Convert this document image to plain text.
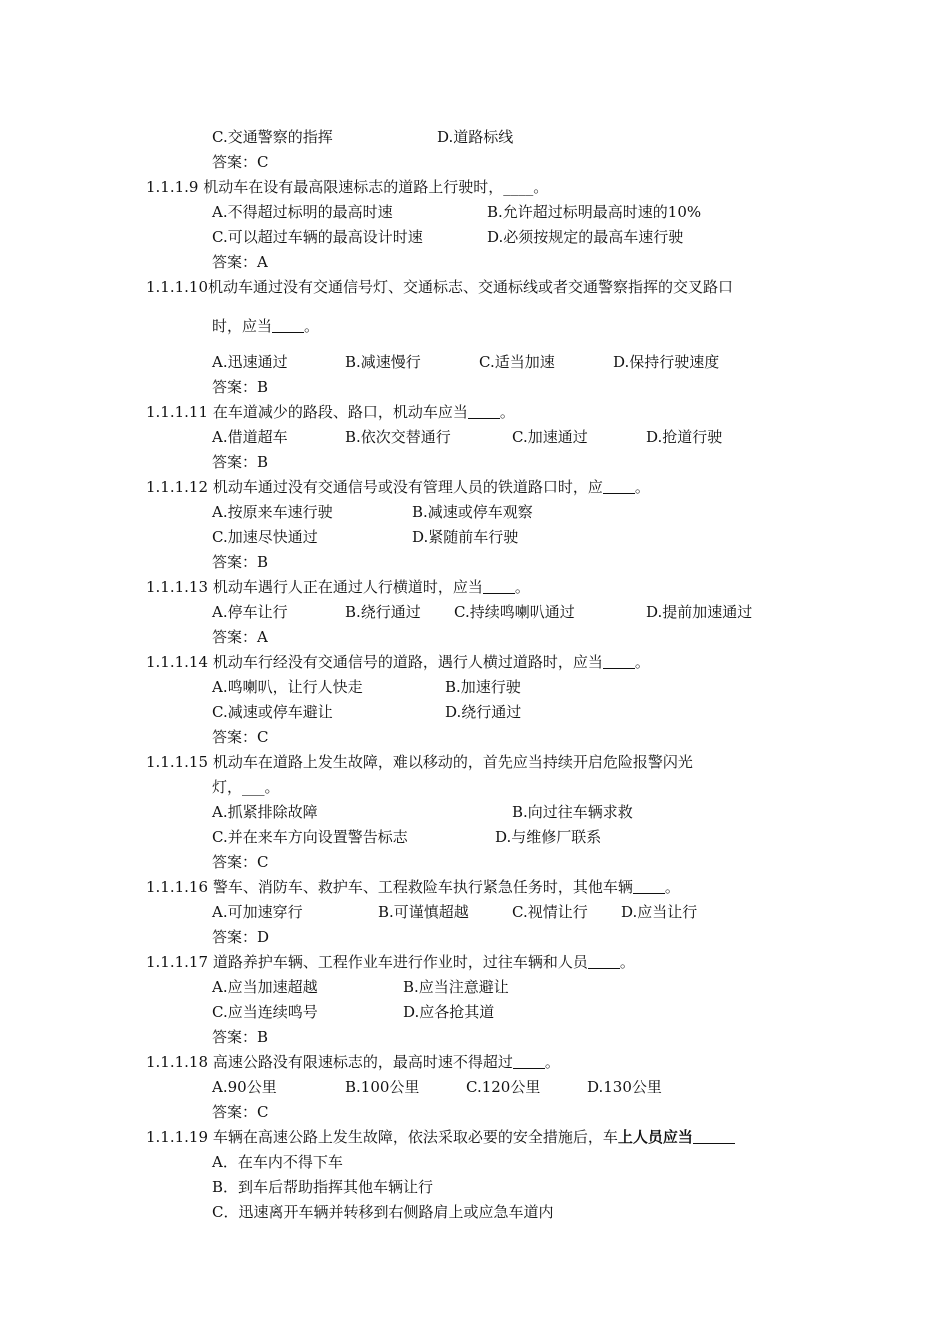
C.交通警察的指挥	D.道路标线
答案：C
1.1.1.9 机动车在设有最高限速标志的道路上行驶时，____。
A.不得超过标明的最高时速	B.允许超过标明最高时速的10%
C.可以超过车辆的最高设计时速	D.必须按规定的最高车速行驶
答案：A
1.1.1.10机动车通过没有交通信号灯、交通标志、交通标线或者交通警察指挥的交叉路口
时，应当 。
A.迅速通过	B.减速慢行	C.适当加速	D.保持行驶速度
答案：B
1.1.1.11 在车道减少的路段、路口，机动车应当 。
A.借道超车	B.依次交替通行	C.加速通过	D.抢道行驶
答案：B
1.1.1.12 机动车通过没有交通信号或没有管理人员的铁道路口时，应 。
A.按原来车速行驶	B.减速或停车观察
C.加速尽快通过	D.紧随前车行驶
答案：B
1.1.1.13 机动车遇行人正在通过人行横道时，应当 。
A.停车让行	B.绕行通过 C.持续鸣喇叭通过	D.提前加速通过
答案：A
1.1.1.14 机动车行经没有交通信号的道路，遇行人横过道路时，应当 。
A.鸣喇叭，让行人快走	B.加速行驶
C.减速或停车避让	D.绕行通过
答案：C
1.1.1.15 机动车在道路上发生故障，难以移动的，首先应当持续开启危险报警闪光
灯，___。
A.抓紧排除故障	B.向过往车辆求救
C.并在来车方向设置警告标志	D.与维修厂联系
答案：C
1.1.1.16 警车、消防车、救护车、工程救险车执行紧急任务时，其他车辆 。
A.可加速穿行	B.可谨慎超越	C.视情让行 D.应当让行
答案：D
1.1.1.17 道路养护车辆、工程作业车进行作业时，过往车辆和人员 。
A.应当加速超越	B.应当注意避让
C.应当连续鸣号	D.应各抢其道
答案：B
1.1.1.18 高速公路没有限速标志的，最高时速不得超过 。
A.90公里	B.100公里	C.120公里	D.130公里
答案：C
1.1.1.19 车辆在高速公路上发生故障，依法采取必要的安全措施后，车上人员应当
A．在车内不得下车
B．到车后帮助指挥其他车辆让行
C．迅速离开车辆并转移到右侧路肩上或应急车道内
